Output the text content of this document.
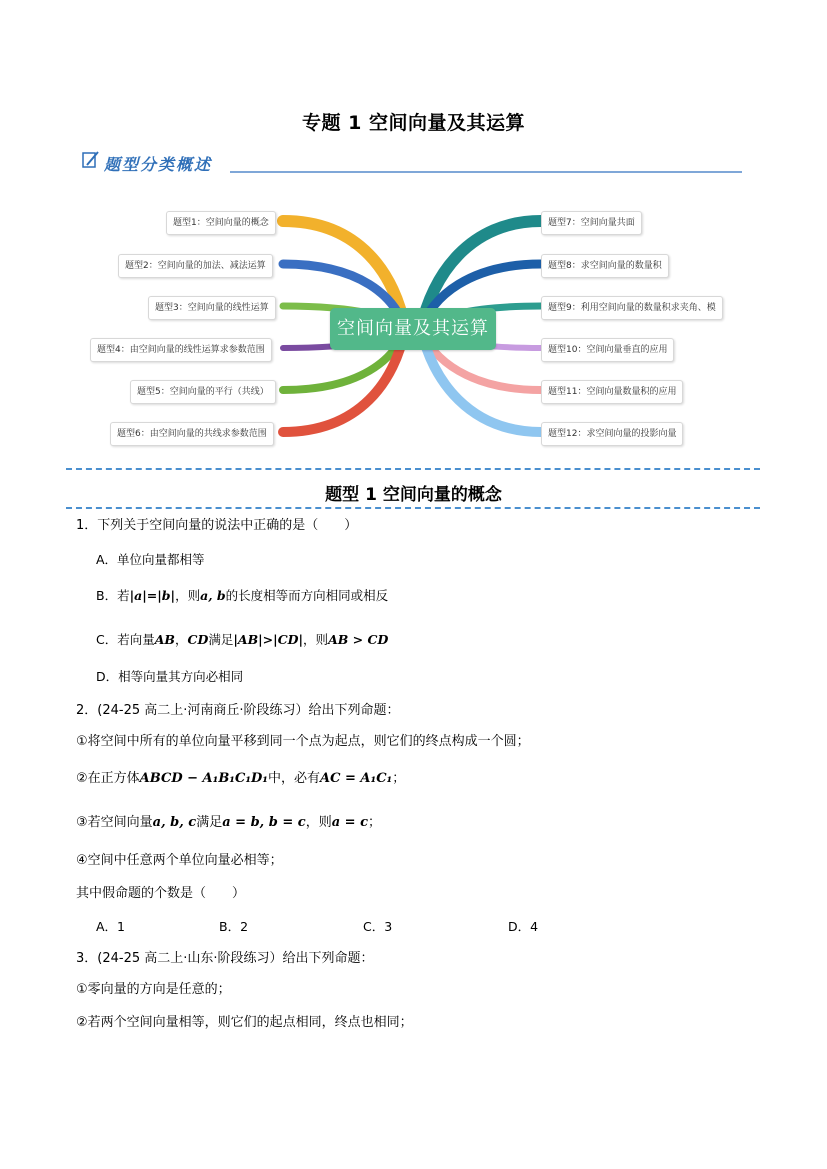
专题 1 空间向量及其运算
题型分类概述
空间向量及其运算
题型1：空间向量的概念
题型2：空间向量的加法、减法运算
题型3：空间向量的线性运算
题型4：由空间向量的线性运算求参数范围
题型5：空间向量的平行（共线）
题型6：由空间向量的共线求参数范围
题型7：空间向量共面
题型8：求空间向量的数量积
题型9：利用空间向量的数量积求夹角、模
题型10：空间向量垂直的应用
题型11：空间向量数量积的应用
题型12：求空间向量的投影向量
题型 1 空间向量的概念
1．下列关于空间向量的说法中正确的是（　　）
A．单位向量都相等
B．若|a|=|b|，则a, b的长度相等而方向相同或相反
C．若向量AB，CD满足|AB|>|CD|，则AB > CD
D．相等向量其方向必相同
2．(24-25 高二上·河南商丘·阶段练习）给出下列命题：
①将空间中所有的单位向量平移到同一个点为起点，则它们的终点构成一个圆；
②在正方体ABCD − A₁B₁C₁D₁中，必有AC = A₁C₁；
③若空间向量a, b, c满足a = b, b = c，则a = c；
④空间中任意两个单位向量必相等；
其中假命题的个数是（　　）
A．1	B．2	C．3	D．4
3．(24-25 高二上·山东·阶段练习）给出下列命题：
①零向量的方向是任意的；
②若两个空间向量相等，则它们的起点相同，终点也相同；
